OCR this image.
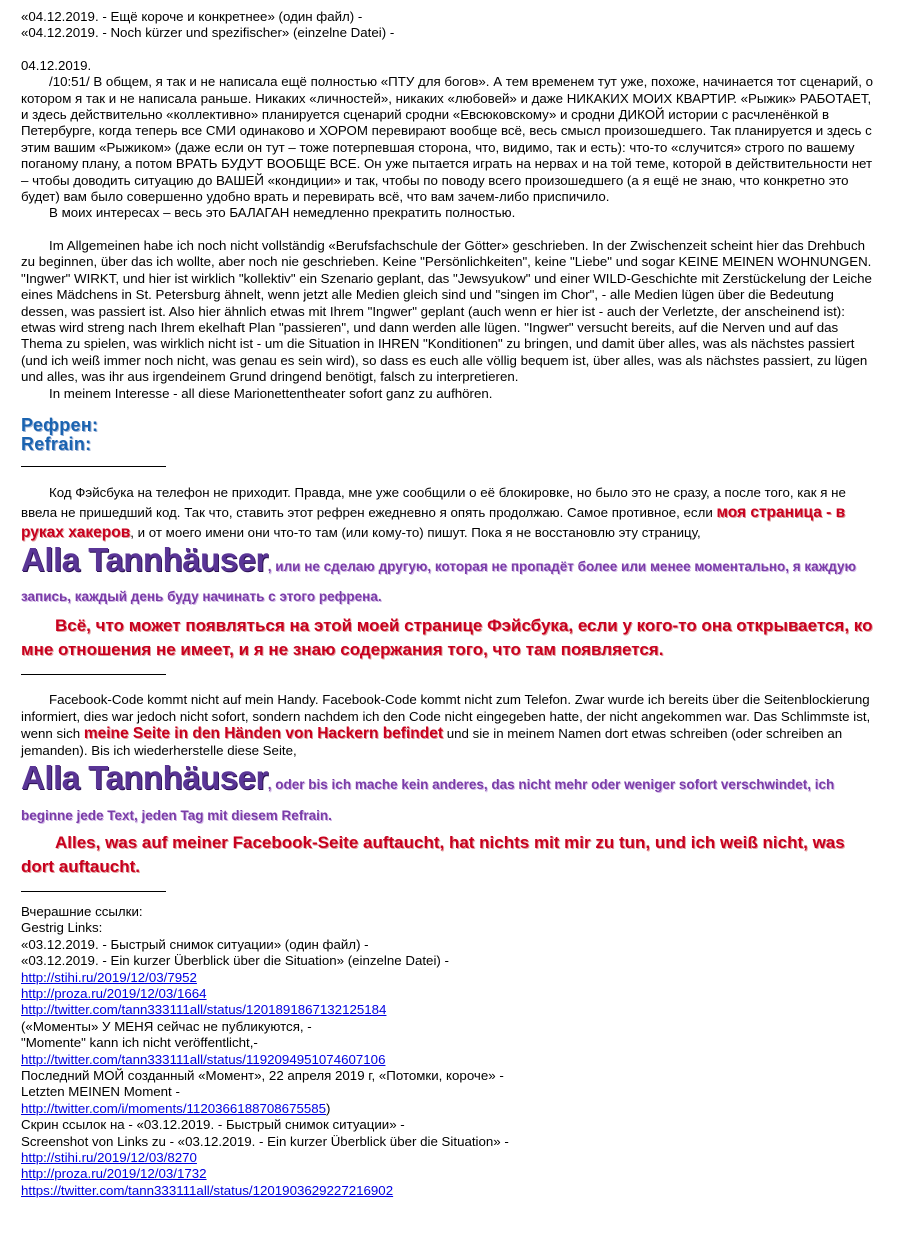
«04.12.2019. - Ещё короче и конкретнее» (один файл) -

«04.12.2019. - Noch kürzer und spezifischer» (einzelne Datei) -

04.12.2019.

/10:51/ В общем, я так и не написала ещё полностью «ПТУ для богов». А тем временем тут уже, похоже, начинается тот сценарий, о котором я так и не написала раньше. Никаких «личностей», никаких «любовей» и даже НИКАКИХ МОИХ КВАРТИР. «Рыжик» РАБОТАЕТ, и здесь действительно «коллективно» планируется сценарий сродни «Евсюковскому» и сродни ДИКОЙ истории с расчленёнкой в Петербурге, когда теперь все СМИ одинаково и ХОРОМ перевирают вообще всё, весь смысл произошедшего. Так планируется и здесь с этим вашим «Рыжиком» (даже если он тут – тоже потерпевшая сторона, что, видимо, так и есть): что-то «случится» строго по вашему поганому плану, а потом ВРАТЬ БУДУТ ВООБЩЕ ВСЕ. Он уже пытается играть на нервах и на той теме, которой в действительности нет – чтобы доводить ситуацию до ВАШЕЙ «кондиции» и так, чтобы по поводу всего произошедшего (а я ещё не знаю, что конкретно это будет) вам было совершенно удобно врать и перевирать всё, что вам зачем-либо приспичило.

В моих интересах – весь это БАЛАГАН немедленно прекратить полностью.

Im Allgemeinen habe ich noch nicht vollständig «Berufsfachschule der Götter» geschrieben. In der Zwischenzeit scheint hier das Drehbuch zu beginnen, über das ich wollte, aber noch nie geschrieben. Keine "Persönlichkeiten", keine "Liebe" und sogar KEINE MEINEN WOHNUNGEN. "Ingwer" WIRKT, und hier ist wirklich "kollektiv" ein Szenario geplant, das "Jewsyukow" und einer WILD-Geschichte mit Zerstückelung der Leiche eines Mädchens in St. Petersburg ähnelt, wenn jetzt alle Medien gleich sind und "singen im Chor", - alle Medien lügen über die Bedeutung dessen, was passiert ist. Also hier ähnlich etwas mit Ihrem "Ingwer" geplant (auch wenn er hier ist - auch der Verletzte, der anscheinend ist): etwas wird streng nach Ihrem ekelhaft Plan "passieren", und dann werden alle lügen. "Ingwer" versucht bereits, auf die Nerven und auf das Thema zu spielen, was wirklich nicht ist - um die Situation in IHREN "Konditionen" zu bringen, und damit über alles, was als nächstes passiert (und ich weiß immer noch nicht, was genau es sein wird), so dass es euch alle völlig bequem ist, über alles, was als nächstes passiert, zu lügen und alles, was ihr aus irgendeinem Grund dringend benötigt, falsch zu interpretieren.

In meinem Interesse - all diese Marionettentheater sofort ganz zu aufhören.

Рефрен:

Refrain:

Код Фэйсбука на телефон не приходит. Правда, мне уже сообщили о её блокировке, но было это не сразу, а после того, как я не ввела не пришедший код. Так что, ставить этот рефрен ежедневно я опять продолжаю. Самое противное, если моя страница - в руках хакеров, и от моего имени они что-то там (или кому-то) пишут. Пока я не восстановлю эту страницу,

Alla Tannhäuser, или не сделаю другую, которая не пропадёт более или менее моментально, я каждую запись, каждый день буду начинать с этого рефрена.

Всё, что может появляться на этой моей странице Фэйсбука, если у кого-то она открывается, ко мне отношения не имеет, и я не знаю содержания того, что там появляется.

Facebook-Code kommt nicht auf mein Handy. Facebook-Code kommt nicht zum Telefon. Zwar wurde ich bereits über die Seitenblockierung informiert, dies war jedoch nicht sofort, sondern nachdem ich den Code nicht eingegeben hatte, der nicht angekommen war. Das Schlimmste ist, wenn sich meine Seite in den Händen von Hackern befindet und sie in meinem Namen dort etwas schreiben (oder schreiben an jemanden). Bis ich wiederherstelle diese Seite,

Alla Tannhäuser, oder bis ich mache kein anderes, das nicht mehr oder weniger sofort verschwindet, ich beginne jede Text, jeden Tag mit diesem Refrain.

Alles, was auf meiner Facebook-Seite auftaucht, hat nichts mit mir zu tun, und ich weiß nicht, was dort auftaucht.

Вчерашние ссылки:

Gestrig Links:

«03.12.2019. - Быстрый снимок ситуации» (один файл) -

«03.12.2019. - Ein kurzer Überblick über die Situation» (einzelne Datei) -

http://stihi.ru/2019/12/03/7952

http://proza.ru/2019/12/03/1664

http://twitter.com/tann333111all/status/1201891867132125184

(«Моменты» У МЕНЯ сейчас не публикуются, -

"Momente" kann ich nicht veröffentlicht,-

http://twitter.com/tann333111all/status/1192094951074607106

Последний МОЙ созданный «Момент», 22 апреля 2019 г, «Потомки, короче» -

Letzten MEINEN Moment -

http://twitter.com/i/moments/1120366188708675585)

Скрин ссылок на - «03.12.2019. - Быстрый снимок ситуации» -

Screenshot von Links zu - «03.12.2019. - Ein kurzer Überblick über die Situation» -

http://stihi.ru/2019/12/03/8270

http://proza.ru/2019/12/03/1732

https://twitter.com/tann333111all/status/1201903629227216902
